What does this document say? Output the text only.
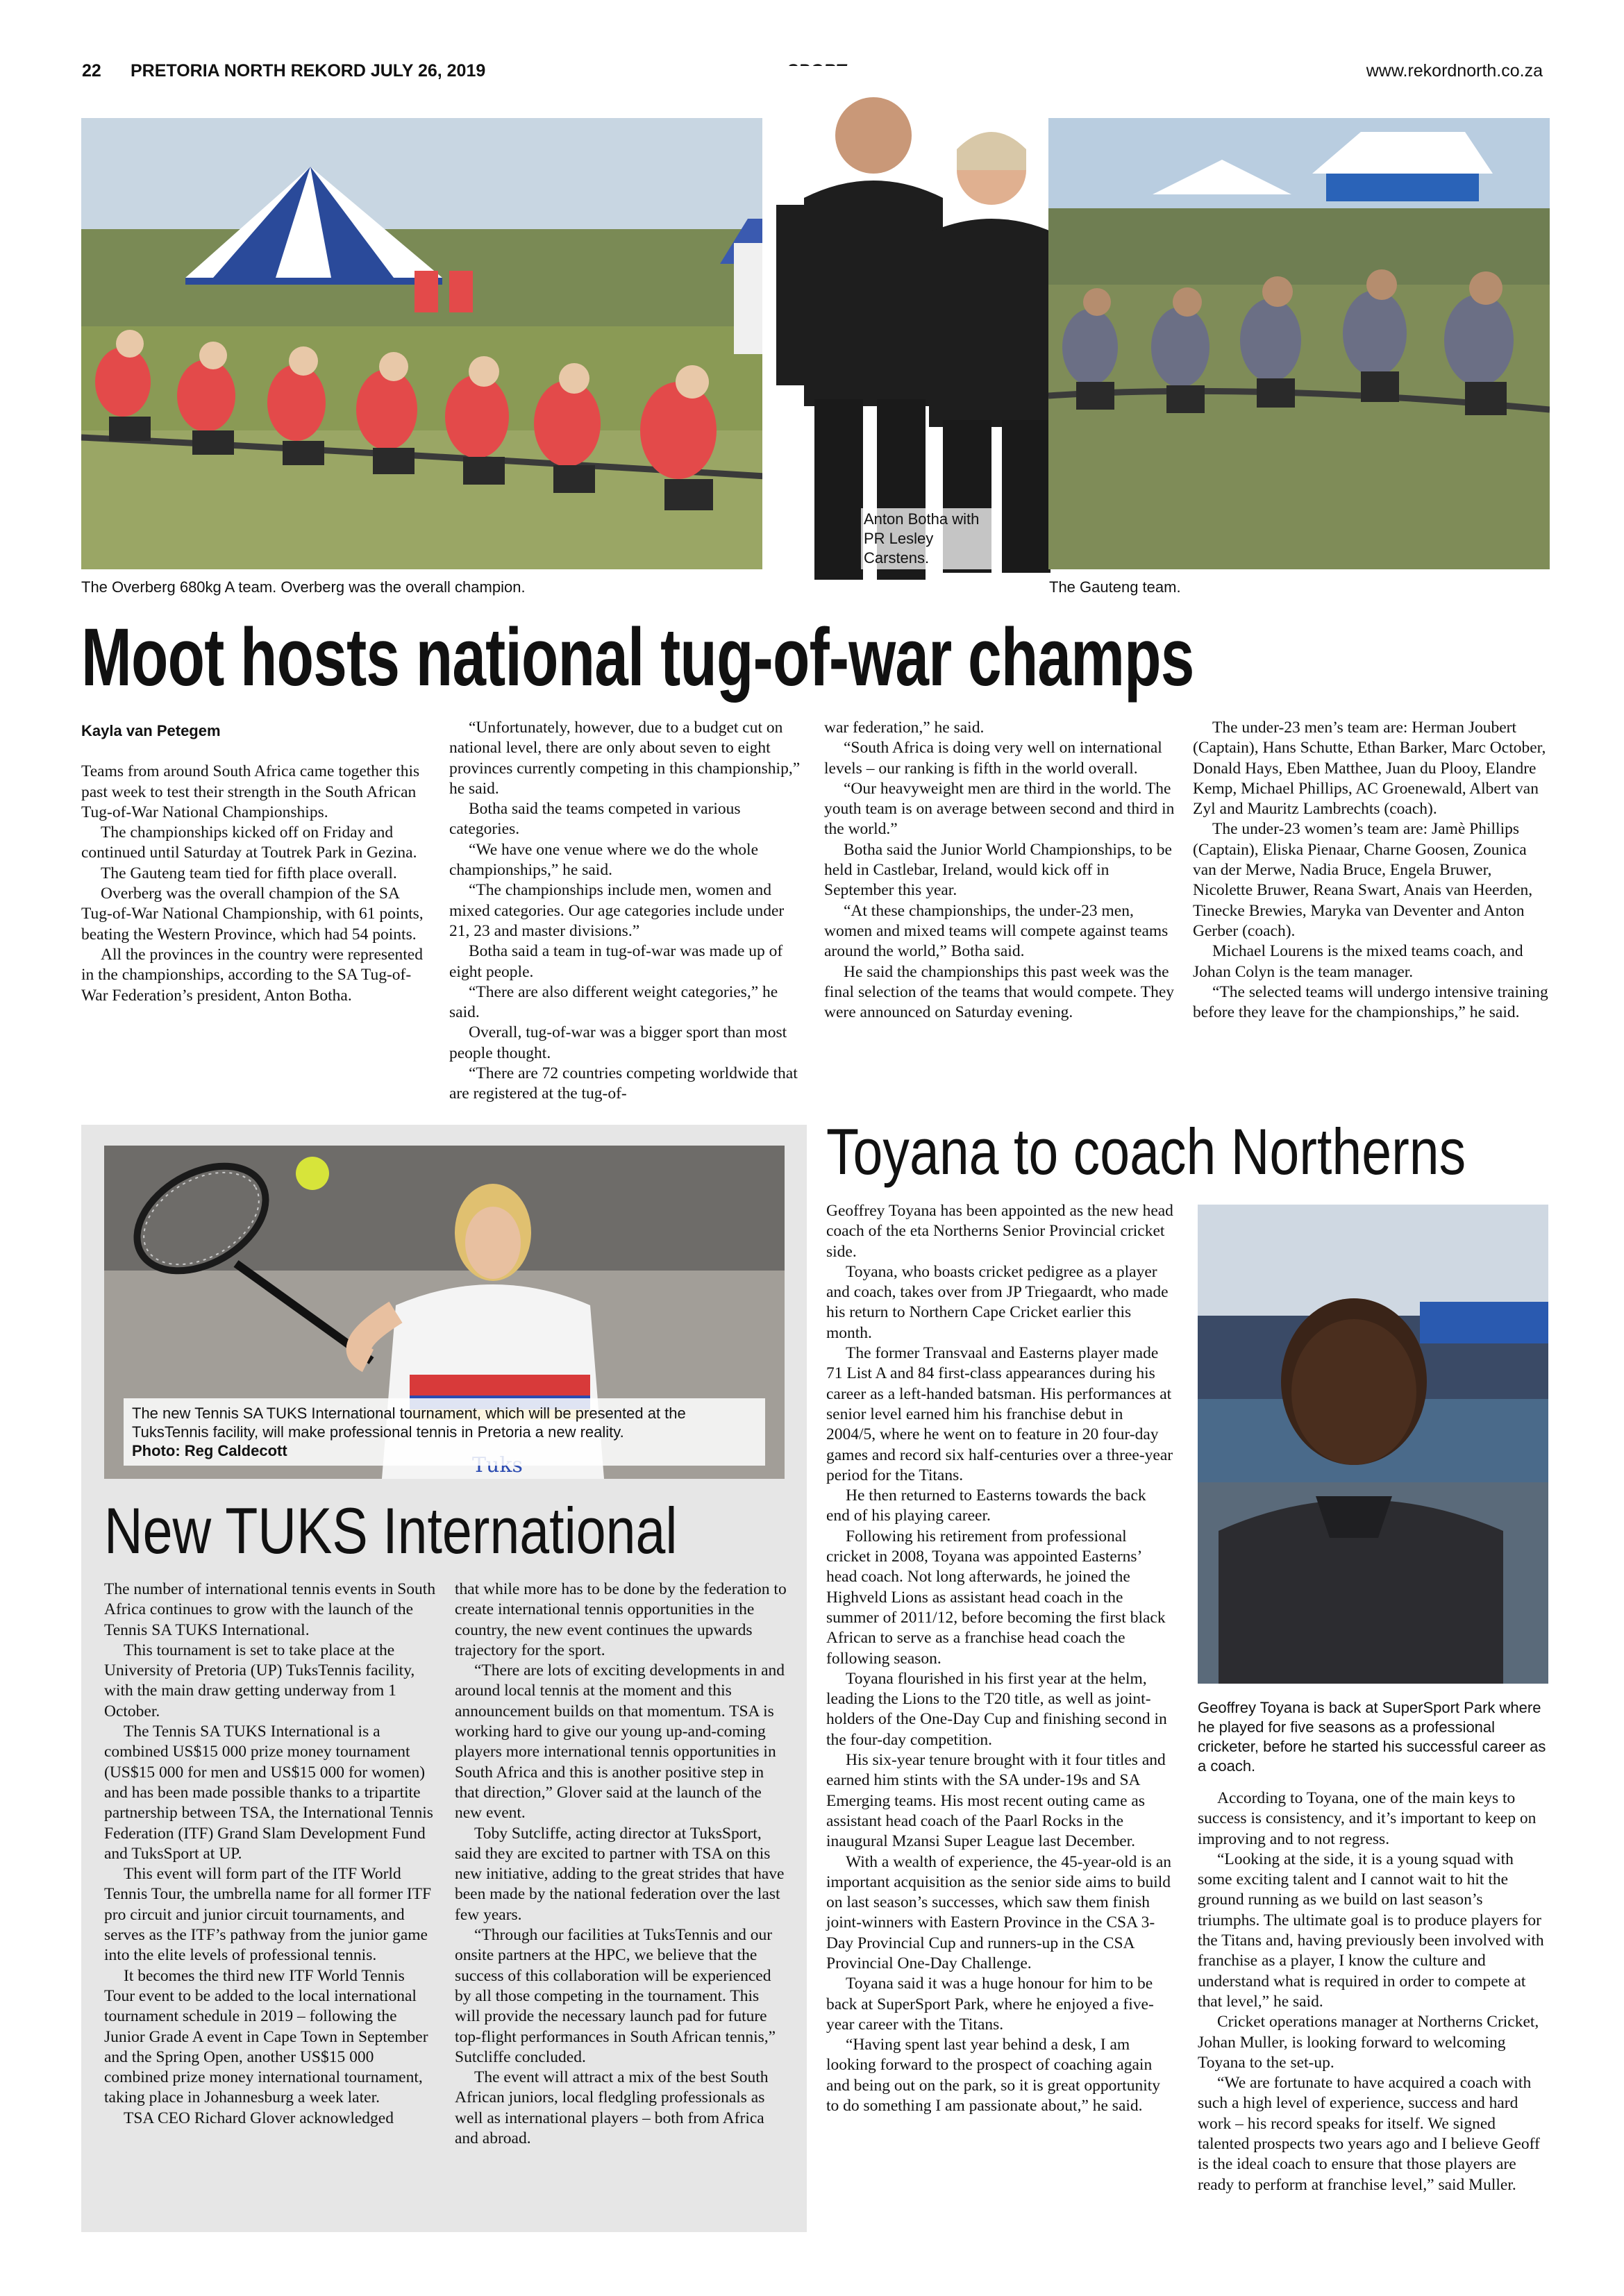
22 PRETORIA NORTH REKORD JULY 26, 2019	www.rekordnorth.co.za
Anton Botha with PR Lesley Carstens.
The Overberg 680kg A team. Overberg was the overall champion.	The Gauteng team.
Moot hosts national tug-of-war champs
Kayla van Petegem

Teams from around South Africa came together this past week to test their strength in the South African Tug-of-War National Championships.

The championships kicked off on Friday and continued until Saturday at Toutrek Park in Gezina.

The Gauteng team tied for fifth place overall.

Overberg was the overall champion of the SA Tug-of-War National Championship, with 61 points, beating the Western Province, which had 54 points.

All the provinces in the country were represented in the championships, according to the SA Tug-of-War Federation’s president, Anton Botha.

“Unfortunately, however, due to a budget cut on national level, there are only about seven to eight provinces currently competing in this championship,” he said.

Botha said the teams competed in various categories.

“We have one venue where we do the whole championships,” he said.

“The championships include men, women and mixed categories. Our age categories include under 21, 23 and master divisions.”

Botha said a team in tug-of-war was made up of eight people.

“There are also different weight categories,” he said.

Overall, tug-of-war was a bigger sport than most people thought.

“There are 72 countries competing worldwide that are registered at the tug-of-

war federation,” he said.

“South Africa is doing very well on international levels – our ranking is fifth in the world overall.

“Our heavyweight men are third in the world. The youth team is on average between second and third in the world.”

Botha said the Junior World Championships, to be held in Castlebar, Ireland, would kick off in September this year.

“At these championships, the under-23 men, women and mixed teams will compete against teams around the world,” Botha said.

He said the championships this past week was the final selection of the teams that would compete. They were announced on Saturday evening.

The under-23 men’s team are: Herman Joubert (Captain), Hans Schutte, Ethan Barker, Marc October, Donald Hays, Eben Matthee, Juan du Plooy, Elandre Kemp, Michael Phillips, AC Groenewald, Albert van Zyl and Mauritz Lambrechts (coach).

The under-23 women’s team are: Jamè Phillips (Captain), Eliska Pienaar, Charne Goosen, Zounica van der Merwe, Nadia Bruce, Engela Bruwer, Nicolette Bruwer, Reana Swart, Anais van Heerden, Tinecke Brewies, Maryka van Deventer and Anton Gerber (coach).

Michael Lourens is the mixed teams coach, and Johan Colyn is the team manager.

“The selected teams will undergo intensive training before they leave for the championships,” he said.

The new Tennis SA TUKS International tournament, which will be presented at the TuksTennis facility, will make professional tennis in Pretoria a new reality.
Photo: Reg Caldecott
New TUKS International

The number of international tennis events in South Africa continues to grow with the launch of the Tennis SA TUKS International.

This tournament is set to take place at the University of Pretoria (UP) TuksTennis facility, with the main draw getting underway from 1 October.

The Tennis SA TUKS International is a combined US$15 000 prize money tournament (US$15 000 for men and US$15 000 for women) and has been made possible thanks to a tripartite partnership between TSA, the International Tennis Federation (ITF) Grand Slam Development Fund and TuksSport at UP.

This event will form part of the ITF World Tennis Tour, the umbrella name for all former ITF pro circuit and junior circuit tournaments, and serves as the ITF’s pathway from the junior game into the elite levels of professional tennis.

It becomes the third new ITF World Tennis Tour event to be added to the local international tournament schedule in 2019 – following the Junior Grade A event in Cape Town in September and the Spring Open, another US$15 000 combined prize money international tournament, taking place in Johannesburg a week later.

TSA CEO Richard Glover acknowledged

that while more has to be done by the federation to create international tennis opportunities in the country, the new event continues the upwards trajectory for the sport.

“There are lots of exciting developments in and around local tennis at the moment and this announcement builds on that momentum. TSA is working hard to give our young up-and-coming players more international tennis opportunities in South Africa and this is another positive step in that direction,” Glover said at the launch of the new event.

Toby Sutcliffe, acting director at TuksSport, said they are excited to partner with TSA on this new initiative, adding to the great strides that have been made by the national federation over the last few years.

“Through our facilities at TuksTennis and our onsite partners at the HPC, we believe that the success of this collaboration will be experienced by all those competing in the tournament. This will provide the necessary launch pad for future top-flight performances in South African tennis,” Sutcliffe concluded.

The event will attract a mix of the best South African juniors, local fledgling professionals as well as international players – both from Africa and abroad.

Toyana to coach Northerns

Geoffrey Toyana has been appointed as the new head coach of the eta Northerns Senior Provincial cricket side.

Toyana, who boasts cricket pedigree as a player and coach, takes over from JP Triegaardt, who made his return to Northern Cape Cricket earlier this month.

The former Transvaal and Easterns player made 71 List A and 84 first-class appearances during his career as a left-handed batsman. His performances at senior level earned him his franchise debut in 2004/5, where he went on to feature in 20 four-day games and record six half-centuries over a three-year period for the Titans.

He then returned to Easterns towards the back end of his playing career.

Following his retirement from professional cricket in 2008, Toyana was appointed Easterns’ head coach. Not long afterwards, he joined the Highveld Lions as assistant head coach in the summer of 2011/12, before becoming the first black African to serve as a franchise head coach the following season.

Toyana flourished in his first year at the helm, leading the Lions to the T20 title, as well as joint-holders of the One-Day Cup and finishing second in the four-day competition.

His six-year tenure brought with it four titles and earned him stints with the SA under-19s and SA Emerging teams. His most recent outing came as assistant head coach of the Paarl Rocks in the inaugural Mzansi Super League last December.

With a wealth of experience, the 45-year-old is an important acquisition as the senior side aims to build on last season’s successes, which saw them finish joint-winners with Eastern Province in the CSA 3-Day Provincial Cup and runners-up in the CSA Provincial One-Day Challenge.

Toyana said it was a huge honour for him to be back at SuperSport Park, where he enjoyed a five-year career with the Titans.

“Having spent last year behind a desk, I am looking forward to the prospect of coaching again and being out on the park, so it is great opportunity to do something I am passionate about,” he said.

Geoffrey Toyana is back at SuperSport Park where he played for five seasons as a professional cricketer, before he started his successful career as a coach.

According to Toyana, one of the main keys to success is consistency, and it’s important to keep on improving and to not regress.

“Looking at the side, it is a young squad with some exciting talent and I cannot wait to hit the ground running as we build on last season’s triumphs. The ultimate goal is to produce players for the Titans and, having previously been involved with franchise as a player, I know the culture and understand what is required in order to compete at that level,” he said.

Cricket operations manager at Northerns Cricket, Johan Muller, is looking forward to welcoming Toyana to the set-up.

“We are fortunate to have acquired a coach with such a high level of experience, success and hard work – his record speaks for itself. We signed talented prospects two years ago and I believe Geoff is the ideal coach to ensure that those players are ready to perform at franchise level,” said Muller.
